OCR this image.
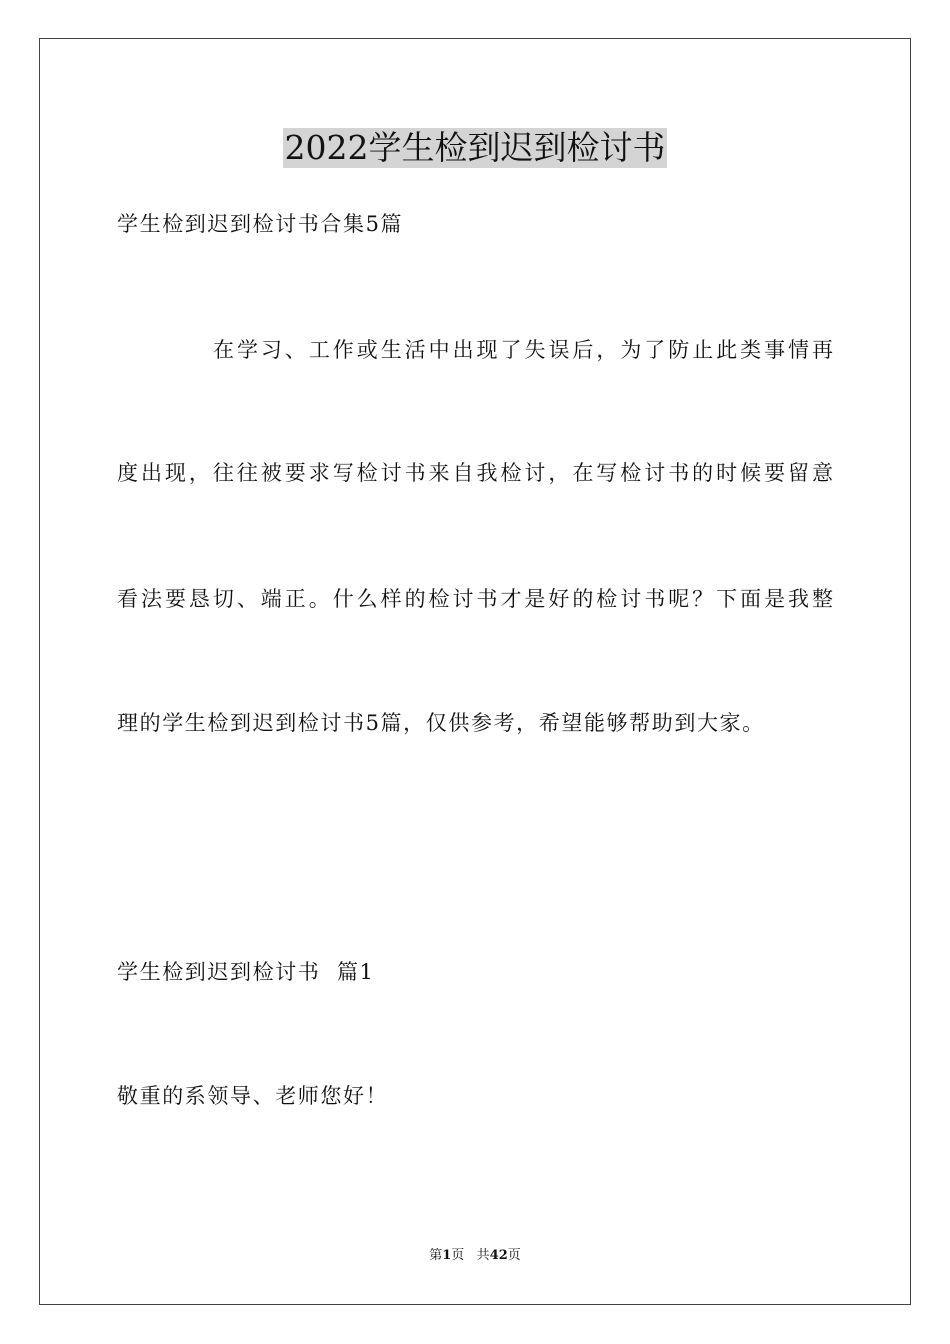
2022学生检到迟到检讨书
学生检到迟到检讨书合集5篇
在学习、工作或生活中出现了失误后，为了防止此类事情再
度出现，往往被要求写检讨书来自我检讨，在写检讨书的时候要留意
看法要恳切、端正。什么样的检讨书才是好的检讨书呢？下面是我整
理的学生检到迟到检讨书5篇，仅供参考，希望能够帮助到大家。
学生检到迟到检讨书  篇1
敬重的系领导、老师您好！
第1页 共42页
